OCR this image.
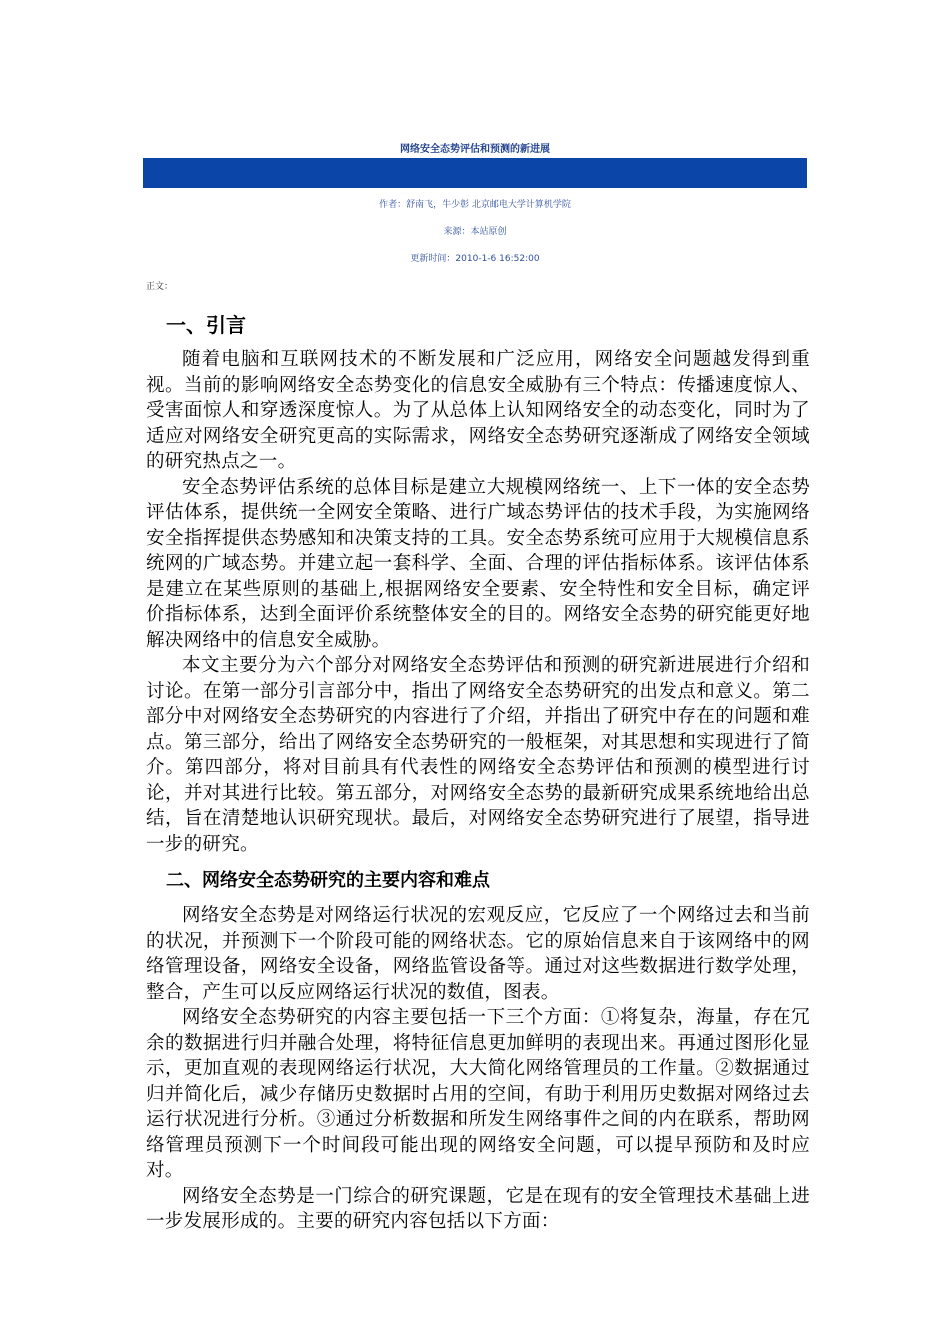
网络安全态势评估和预测的新进展
作者：舒南飞，牛少彰 北京邮电大学计算机学院
来源：本站原创
更新时间：2010-1-6 16:52:00
正文：
一、引言

随着电脑和互联网技术的不断发展和广泛应用，网络安全问题越发得到重视。当前的影响网络安全态势变化的信息安全威胁有三个特点：传播速度惊人、受害面惊人和穿透深度惊人。为了从总体上认知网络安全的动态变化，同时为了适应对网络安全研究更高的实际需求，网络安全态势研究逐渐成了网络安全领域的研究热点之一。

安全态势评估系统的总体目标是建立大规模网络统一、上下一体的安全态势评估体系，提供统一全网安全策略、进行广域态势评估的技术手段，为实施网络安全指挥提供态势感知和决策支持的工具。安全态势系统可应用于大规模信息系统网的广域态势。并建立起一套科学、全面、合理的评估指标体系。该评估体系是建立在某些原则的基础上,根据网络安全要素、安全特性和安全目标，确定评价指标体系，达到全面评价系统整体安全的目的。网络安全态势的研究能更好地解决网络中的信息安全威胁。

本文主要分为六个部分对网络安全态势评估和预测的研究新进展进行介绍和讨论。在第一部分引言部分中，指出了网络安全态势研究的出发点和意义。第二部分中对网络安全态势研究的内容进行了介绍，并指出了研究中存在的问题和难点。第三部分，给出了网络安全态势研究的一般框架，对其思想和实现进行了简介。第四部分，将对目前具有代表性的网络安全态势评估和预测的模型进行讨论，并对其进行比较。第五部分，对网络安全态势的最新研究成果系统地给出总结，旨在清楚地认识研究现状。最后，对网络安全态势研究进行了展望，指导进一步的研究。

二、网络安全态势研究的主要内容和难点

网络安全态势是对网络运行状况的宏观反应，它反应了一个网络过去和当前的状况，并预测下一个阶段可能的网络状态。它的原始信息来自于该网络中的网络管理设备，网络安全设备，网络监管设备等。通过对这些数据进行数学处理，整合，产生可以反应网络运行状况的数值，图表。

网络安全态势研究的内容主要包括一下三个方面：①将复杂，海量，存在冗余的数据进行归并融合处理，将特征信息更加鲜明的表现出来。再通过图形化显示，更加直观的表现网络运行状况，大大简化网络管理员的工作量。②数据通过归并简化后，减少存储历史数据时占用的空间，有助于利用历史数据对网络过去运行状况进行分析。③通过分析数据和所发生网络事件之间的内在联系，帮助网络管理员预测下一个时间段可能出现的网络安全问题，可以提早预防和及时应对。

网络安全态势是一门综合的研究课题，它是在现有的安全管理技术基础上进一步发展形成的。主要的研究内容包括以下方面：
